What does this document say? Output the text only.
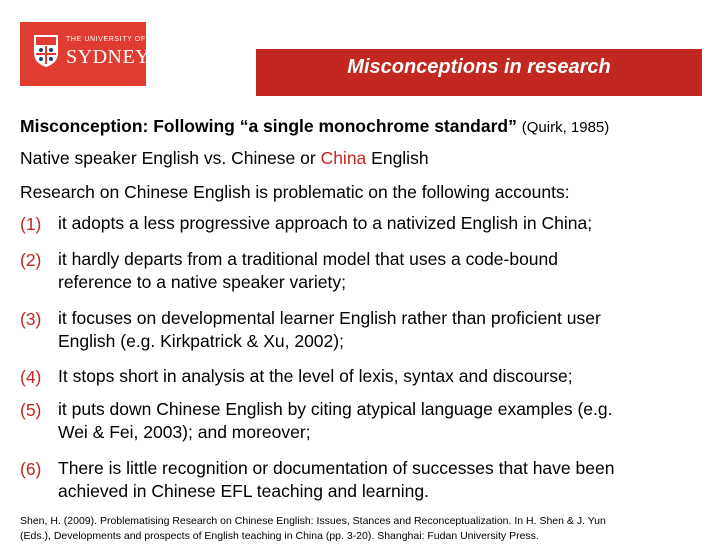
THE UNIVERSITY OF
SYDNEY	Misconceptions in research
Misconception: Following “a single monochrome standard” (Quirk, 1985)
Native speaker English vs. Chinese or China English
Research on Chinese English is problematic on the following accounts:
(1) it adopts a less progressive approach to a nativized English in China;
(2) it hardly departs from a traditional model that uses a code-bound
reference to a native speaker variety;
(3) it focuses on developmental learner English rather than proficient user
English (e.g. Kirkpatrick & Xu, 2002);
(4) It stops short in analysis at the level of lexis, syntax and discourse;
(5) it puts down Chinese English by citing atypical language examples (e.g.
Wei & Fei, 2003); and moreover;
(6) There is little recognition or documentation of successes that have been
achieved in Chinese EFL teaching and learning.
Shen, H. (2009). Problematising Research on Chinese English: Issues, Stances and Reconceptualization. In H. Shen & J. Yun
(Eds.), Developments and prospects of English teaching in China (pp. 3-20). Shanghai: Fudan University Press.
